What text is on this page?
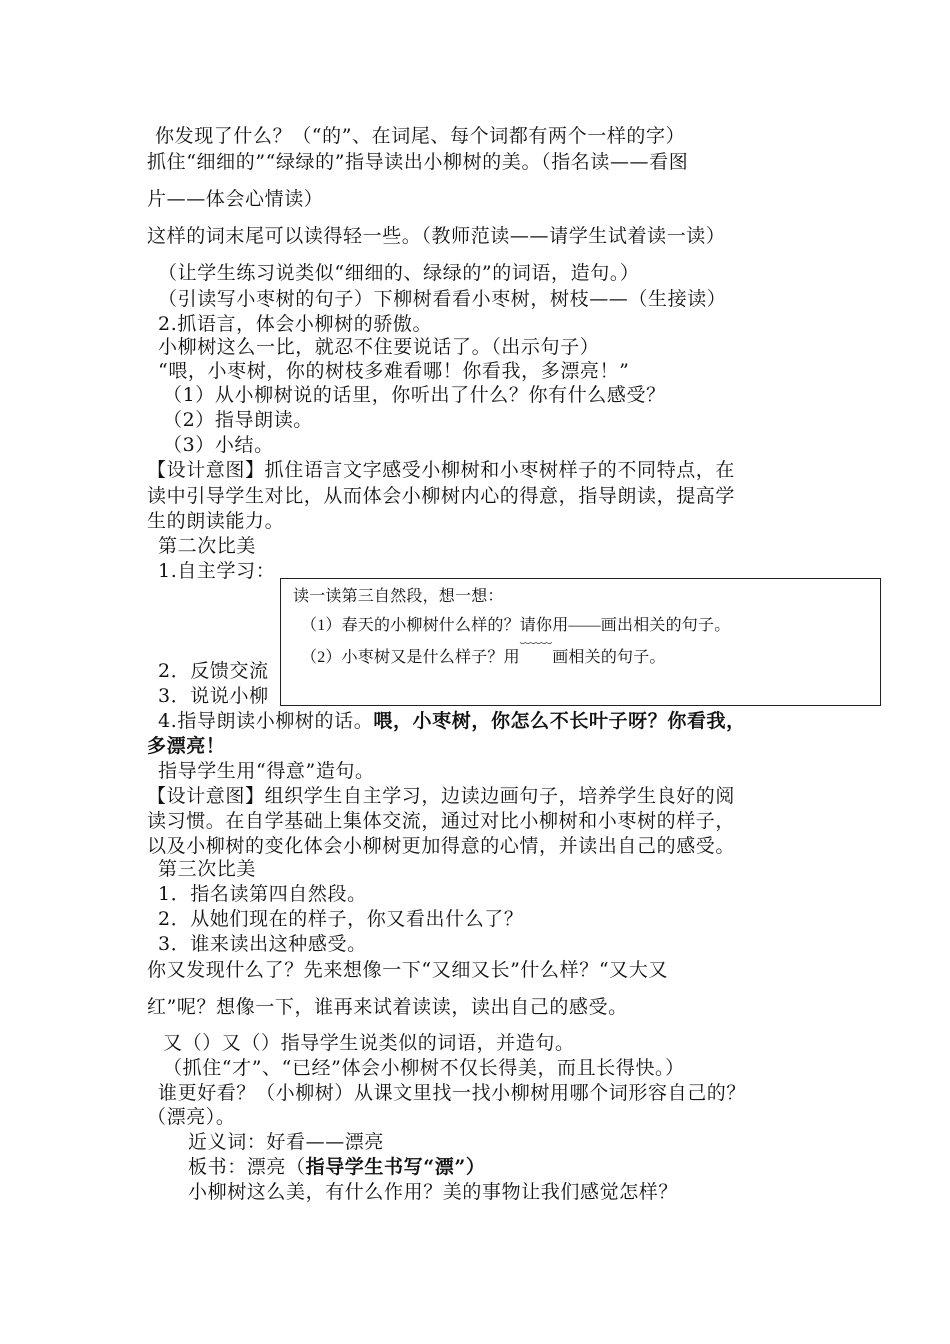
你发现了什么？（“的”、在词尾、每个词都有两个一样的字）
抓住“细细的”“绿绿的”指导读出小柳树的美。（指名读——看图
片——体会心情读）
这样的词末尾可以读得轻一些。（教师范读——请学生试着读一读）
（让学生练习说类似“细细的、绿绿的”的词语，造句。）
（引读写小枣树的句子）下柳树看看小枣树，树枝——（生接读）
2.抓语言，体会小柳树的骄傲。
小柳树这么一比，就忍不住要说话了。（出示句子）
“喂，小枣树，你的树枝多难看哪！你看我，多漂亮！”
（1）从小柳树说的话里，你听出了什么？你有什么感受？
（2）指导朗读。
（3）小结。
【设计意图】抓住语言文字感受小柳树和小枣树样子的不同特点，在
读中引导学生对比，从而体会小柳树内心的得意，指导朗读，提高学
生的朗读能力。
第二次比美
1.自主学习：
2．反馈交流
3．说说小柳
4.指导朗读小柳树的话。喂，小枣树，你怎么不长叶子呀？你看我，
多漂亮！
指导学生用“得意”造句。
【设计意图】组织学生自主学习，边读边画句子，培养学生良好的阅
读习惯。在自学基础上集体交流，通过对比小柳树和小枣树的样子，
以及小柳树的变化体会小柳树更加得意的心情，并读出自己的感受。
第三次比美
1．指名读第四自然段。
2．从她们现在的样子，你又看出什么了？
3．谁来读出这种感受。
你又发现什么了？先来想像一下“又细又长”什么样？“又大又
红”呢？想像一下，谁再来试着读读，读出自己的感受。
又（）又（）指导学生说类似的词语，并造句。
（抓住“才”、“已经”体会小柳树不仅长得美，而且长得快。）
谁更好看？（小柳树）从课文里找一找小柳树用哪个词形容自己的？
（漂亮）。
近义词：好看——漂亮
板书：漂亮（指导学生书写“漂”）
小柳树这么美，有什么作用？美的事物让我们感觉怎样？
读一读第三自然段，想一想：
（1）春天的小柳树什么样的？请你用——画出相关的句子。
（2）小枣树又是什么样子？用﹋﹋画相关的句子。
